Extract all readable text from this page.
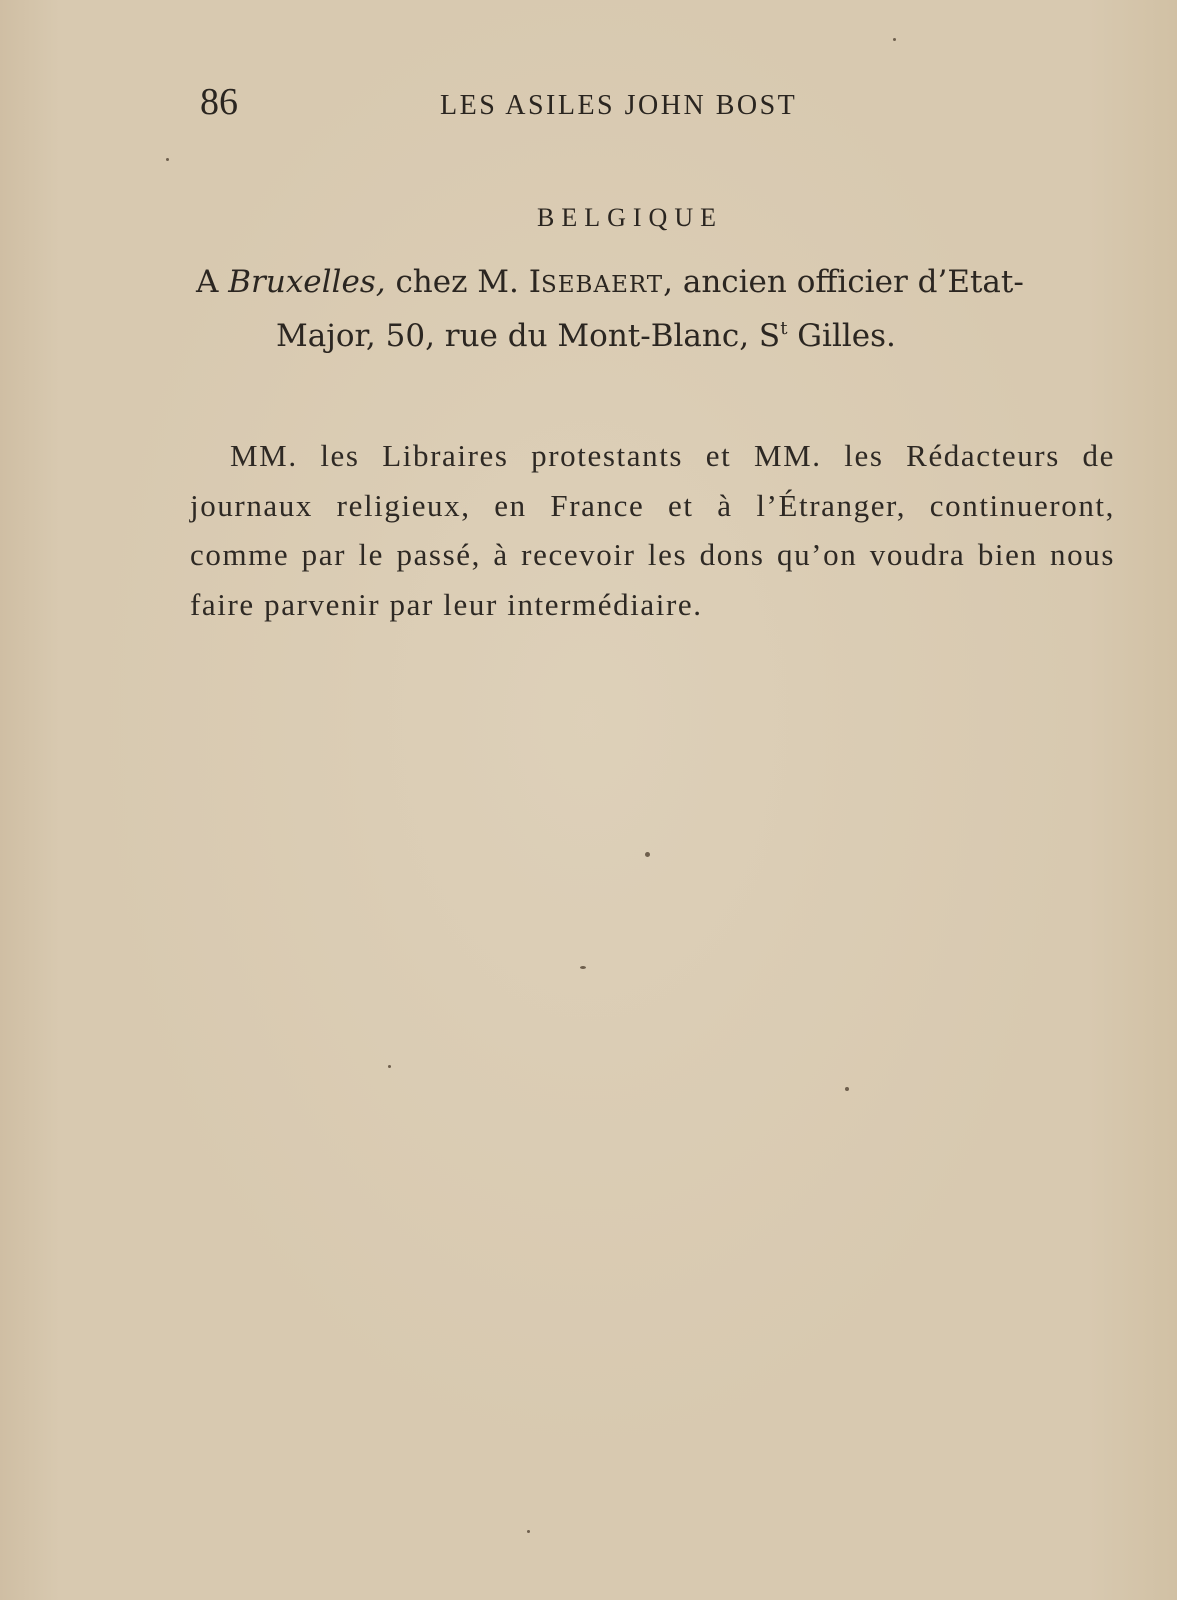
86	LES ASILES JOHN BOST
BELGIQUE
A Bruxelles, chez M. ISEBAERT, ancien officier d’Etat-
Major, 50, rue du Mont-Blanc, $S^t$ Gilles.

MM. les Libraires protestants et MM. les Rédacteurs de journaux religieux, en France et à l’Étranger, continueront, comme par le passé, à recevoir les dons qu’on voudra bien nous faire parvenir par leur intermédiaire.
